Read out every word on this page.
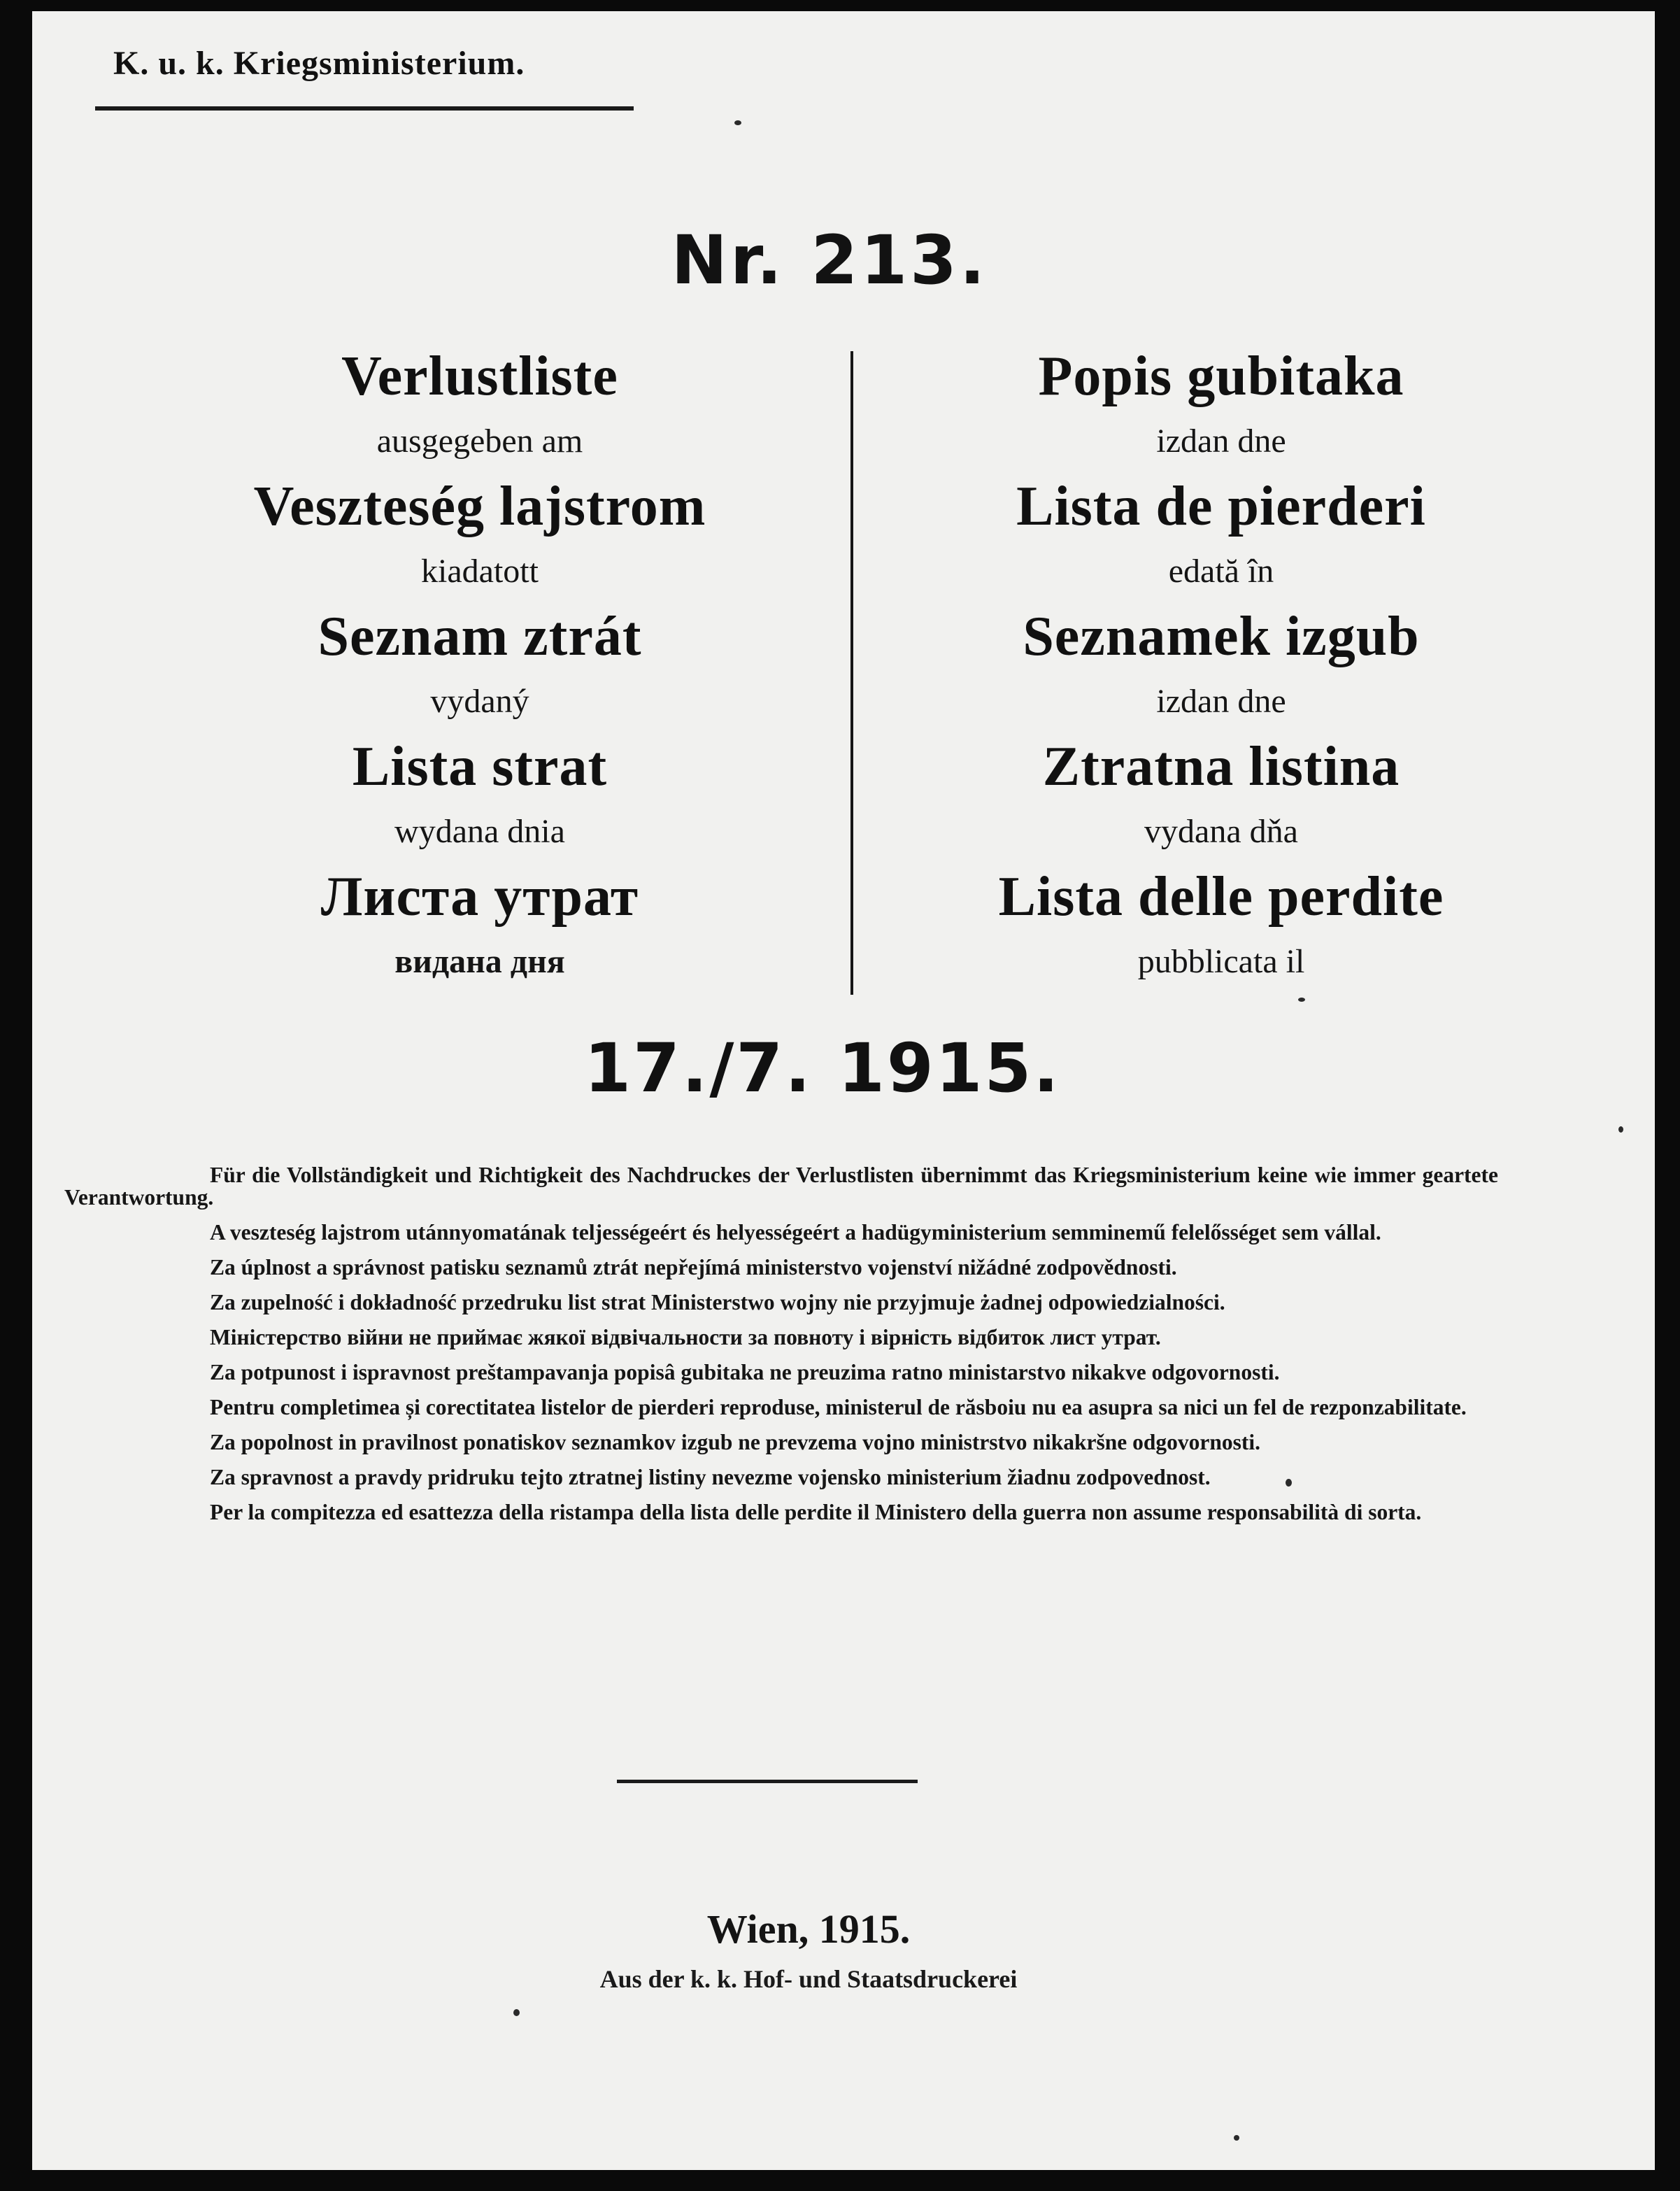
K. u. k. Kriegsministerium.
Nr. 213.
Verlustliste
ausgegeben am
Veszteség lajstrom
kiadatott
Seznam ztrát
vydaný
Lista strat
wydana dnia
Листа утрат
видана дня
Popis gubitaka
izdan dne
Lista de pierderi
edată în
Seznamek izgub
izdan dne
Ztratna listina
vydana dňa
Lista delle perdite
pubblicata il
17./7. 1915.

Für die Vollständigkeit und Richtigkeit des Nachdruckes der Verlustlisten übernimmt das Kriegsministerium keine wie immer geartete Verantwortung.

A veszteség lajstrom utánnyomatának teljességeért és helyességeért a hadügyministerium semminemű felelősséget sem vállal.

Za úplnost a správnost patisku seznamů ztrát nepřejímá ministerstvo vojenství nižádné zodpovědnosti.

Za zupelność i dokładność przedruku list strat Ministerstwo wojny nie przyjmuje żadnej odpowiedzialności.

Міністерство війни не приймає жякої відвічальности за повноту і вірність відбиток лист утрат.

Za potpunost i ispravnost preštampavanja popisâ gubitaka ne preuzima ratno ministarstvo nikakve odgovornosti.

Pentru completimea și corectitatea listelor de pierderi reproduse, ministerul de răsboiu nu ea asupra sa nici un fel de rezponzabilitate.

Za popolnost in pravilnost ponatiskov seznamkov izgub ne prevzema vojno ministrstvo nikakršne odgovornosti.

Za spravnost a pravdy pridruku tejto ztratnej listiny nevezme vojensko ministerium žiadnu zodpovednost.

Per la compitezza ed esattezza della ristampa della lista delle perdite il Ministero della guerra non assume responsabilità di sorta.

Wien, 1915.
Aus der k. k. Hof- und Staatsdruckerei
